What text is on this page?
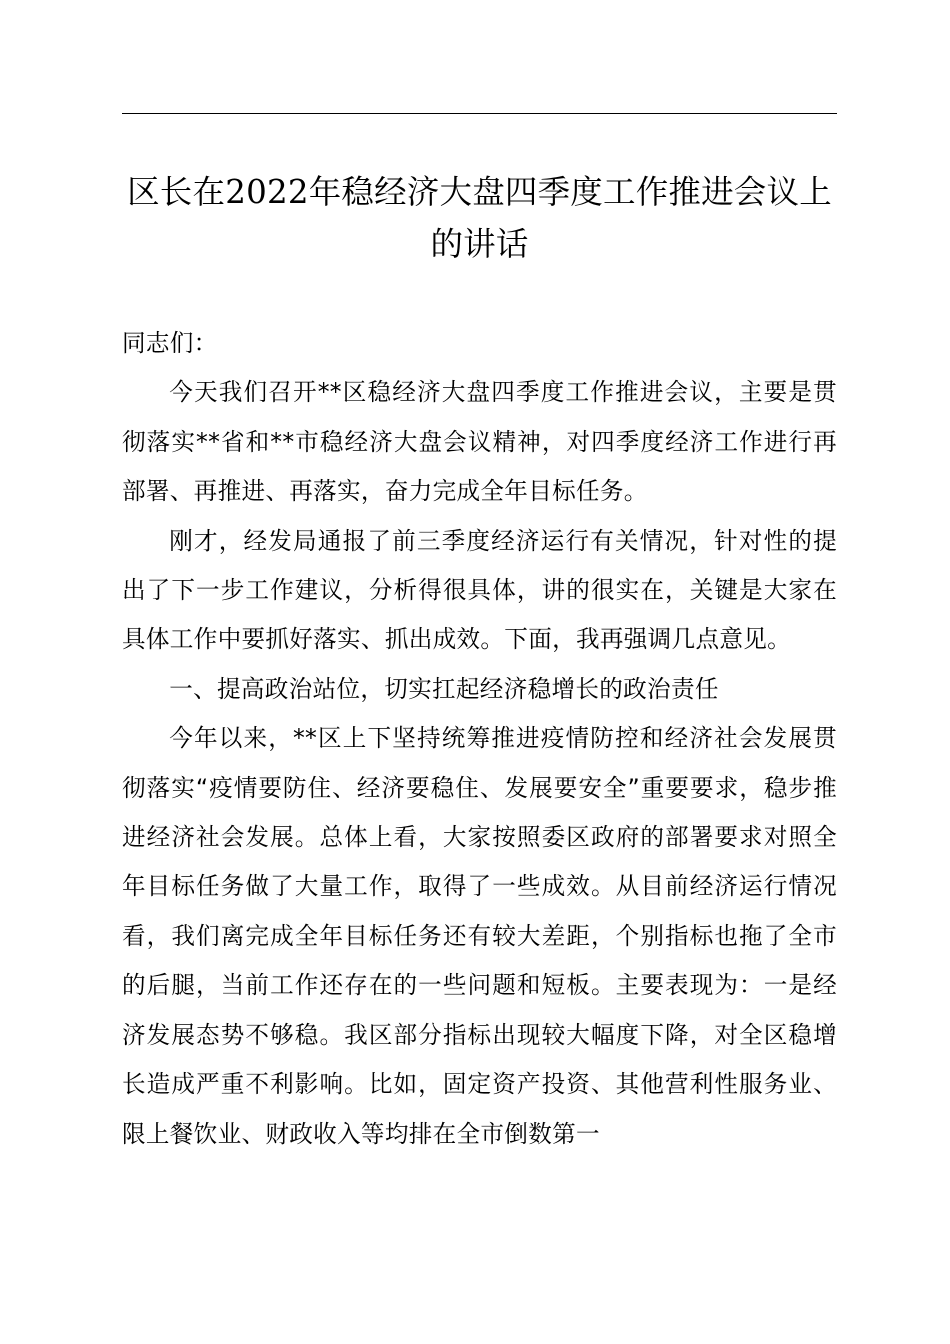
区长在2022年稳经济大盘四季度工作推进会议上的讲话

同志们：

今天我们召开**区稳经济大盘四季度工作推进会议，主要是贯彻落实**省和**市稳经济大盘会议精神，对四季度经济工作进行再部署、再推进、再落实，奋力完成全年目标任务。

刚才，经发局通报了前三季度经济运行有关情况，针对性的提出了下一步工作建议，分析得很具体，讲的很实在，关键是大家在具体工作中要抓好落实、抓出成效。下面，我再强调几点意见。

一、提高政治站位，切实扛起经济稳增长的政治责任

今年以来，**区上下坚持统筹推进疫情防控和经济社会发展贯彻落实“疫情要防住、经济要稳住、发展要安全”重要要求，稳步推进经济社会发展。总体上看，大家按照委区政府的部署要求对照全年目标任务做了大量工作，取得了一些成效。从目前经济运行情况看，我们离完成全年目标任务还有较大差距，个别指标也拖了全市的后腿，当前工作还存在的一些问题和短板。主要表现为：一是经济发展态势不够稳。我区部分指标出现较大幅度下降，对全区稳增长造成严重不利影响。比如，固定资产投资、其他营利性服务业、限上餐饮业、财政收入等均排在全市倒数第一
